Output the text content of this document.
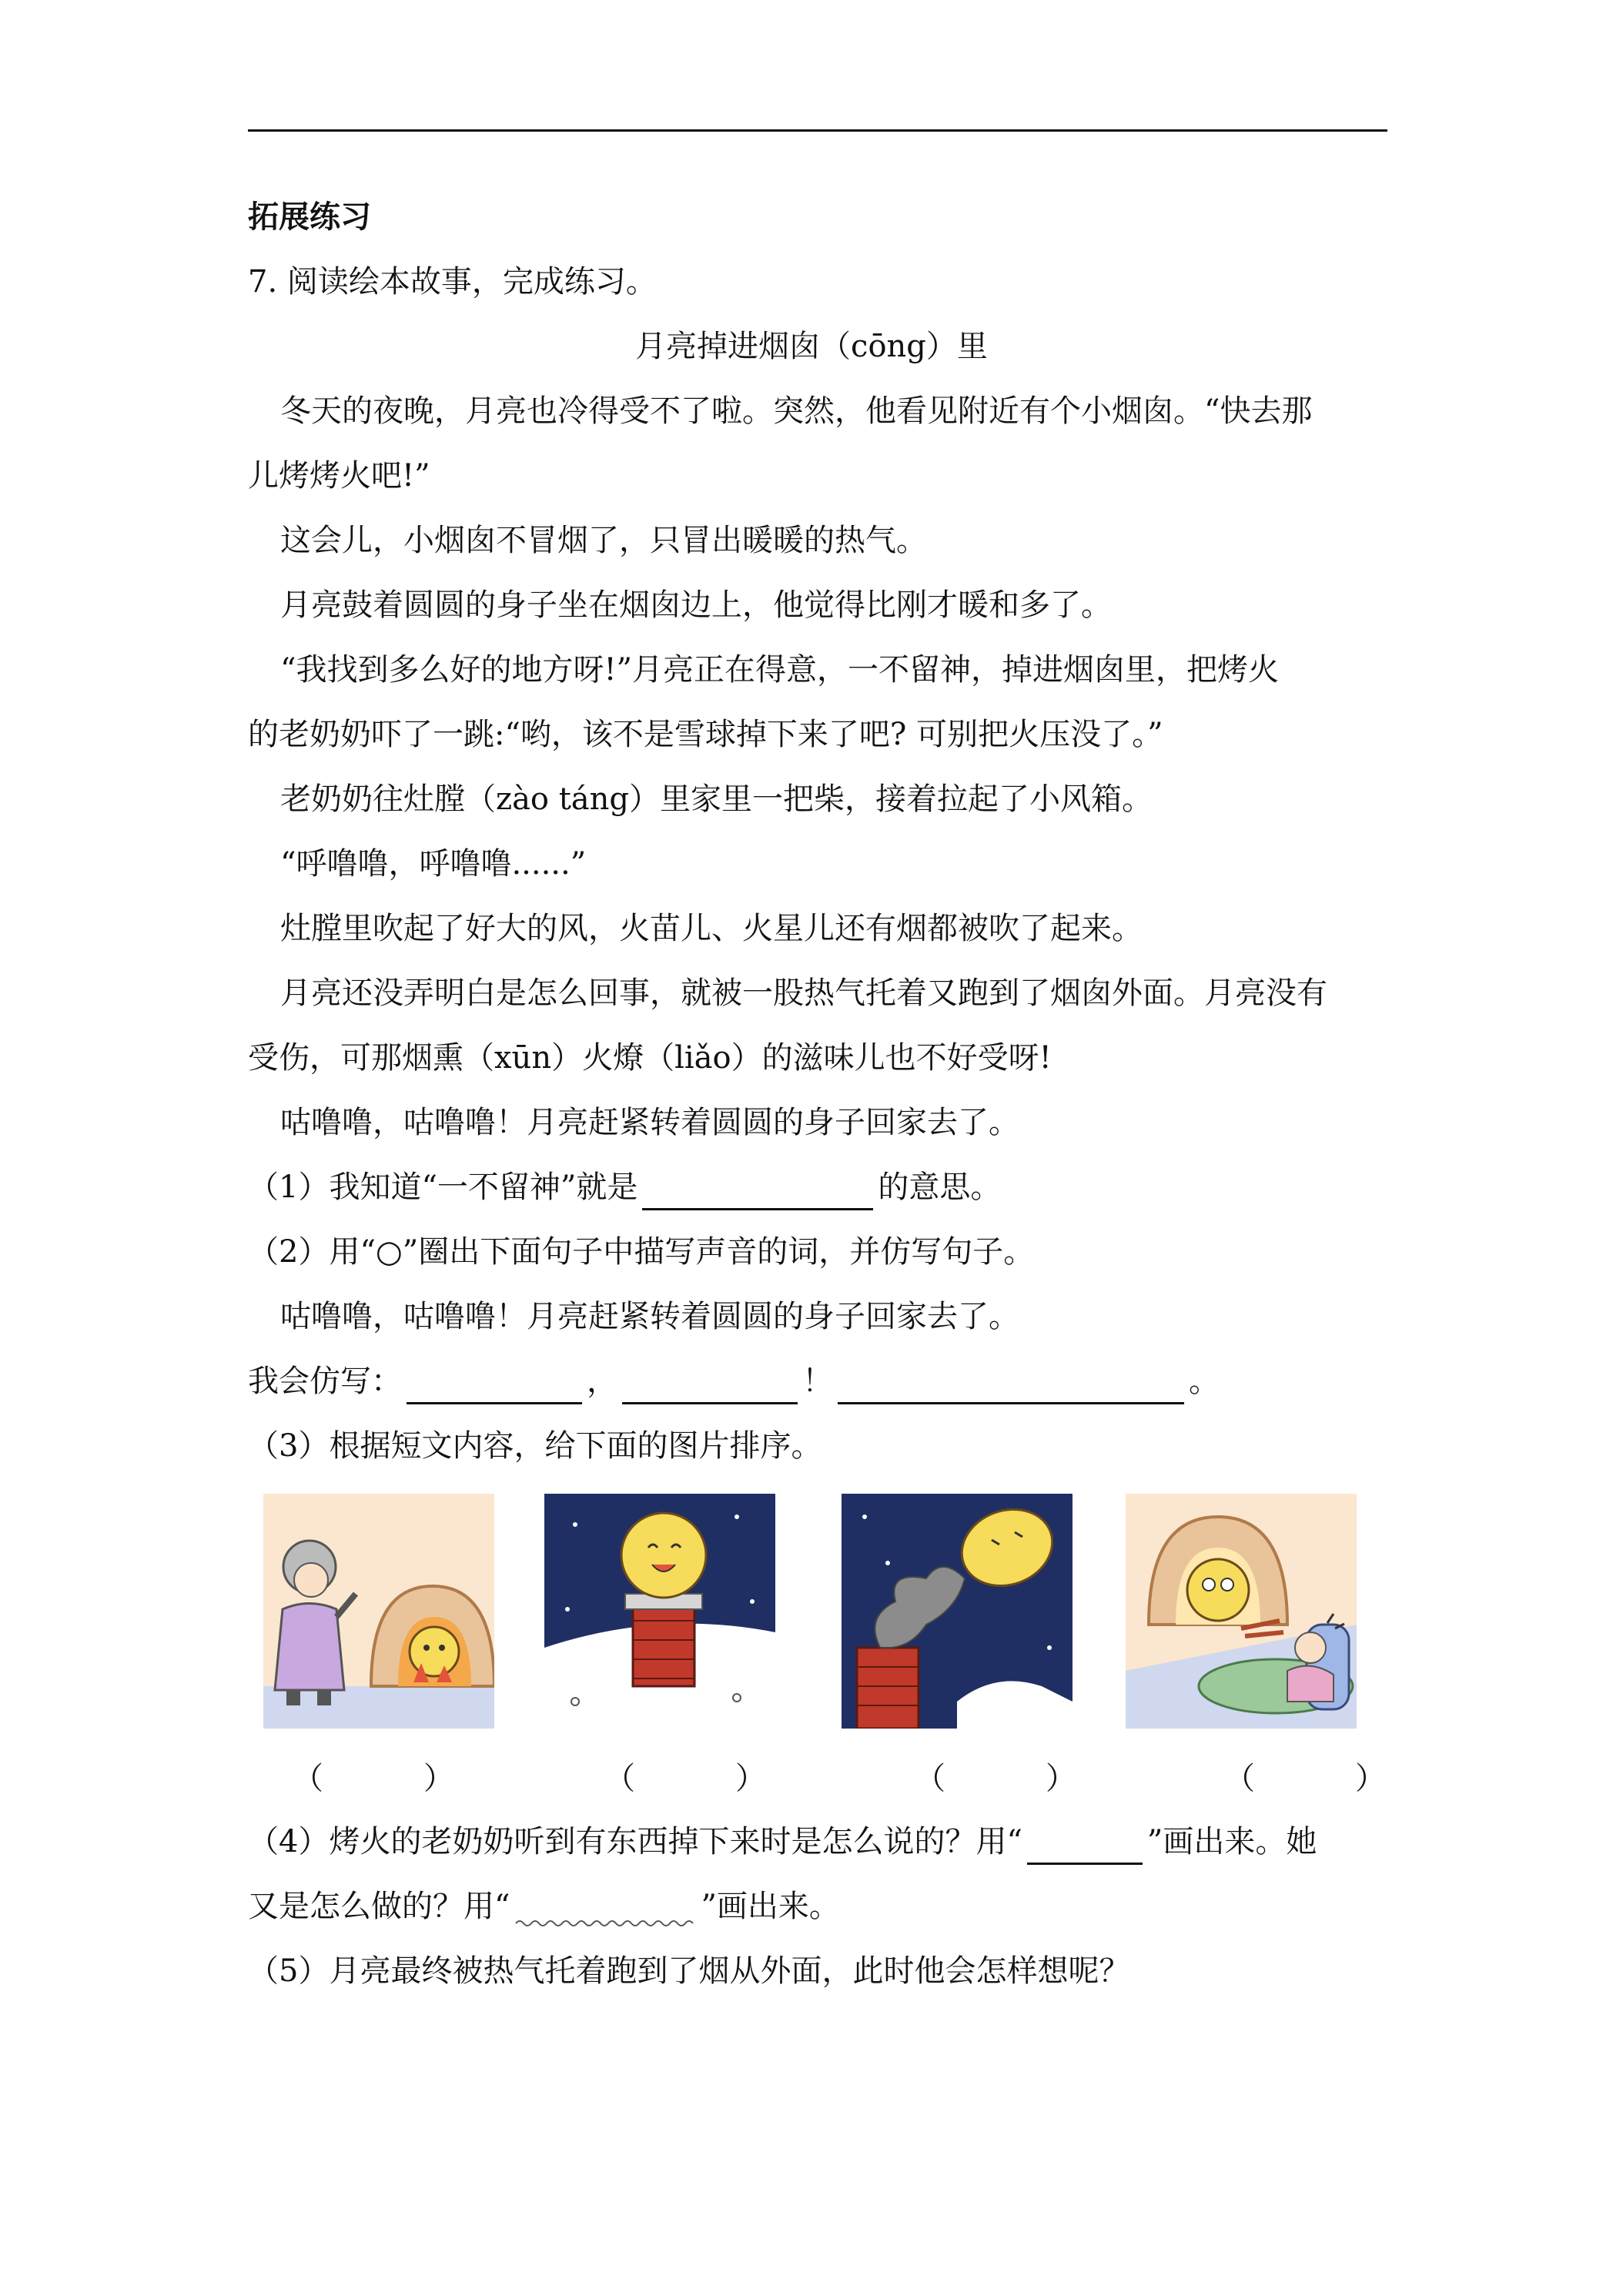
拓展练习
7. 阅读绘本故事，完成练习。
月亮掉进烟囱（cōng）里
冬天的夜晚，月亮也冷得受不了啦。突然，他看见附近有个小烟囱。“快去那
儿烤烤火吧!”
这会儿，小烟囱不冒烟了，只冒出暖暖的热气。
月亮鼓着圆圆的身子坐在烟囱边上，他觉得比刚才暖和多了。
“我找到多么好的地方呀!”月亮正在得意，一不留神，掉进烟囱里，把烤火
的老奶奶吓了一跳:“哟，该不是雪球掉下来了吧? 可别把火压没了。”
老奶奶往灶膛（zào táng）里家里一把柴，接着拉起了小风箱。
“呼噜噜，呼噜噜......”
灶膛里吹起了好大的风，火苗儿、火星儿还有烟都被吹了起来。
月亮还没弄明白是怎么回事，就被一股热气托着又跑到了烟囱外面。月亮没有
受伤，可那烟熏（xūn）火燎（liǎo）的滋味儿也不好受呀!
咕噜噜，咕噜噜！月亮赶紧转着圆圆的身子回家去了。
（1）我知道“一不留神”就是	的意思。
（2）用“○”圈出下面句子中描写声音的词，并仿写句子。
咕噜噜，咕噜噜！月亮赶紧转着圆圆的身子回家去了。
我会仿写：	，	！	。
（3）根据短文内容，给下面的图片排序。
（	）	（	）	（	）	（	）
（4）烤火的老奶奶听到有东西掉下来时是怎么说的？用“	”画出来。她
又是怎么做的？用“	”画出来。
（5）月亮最终被热气托着跑到了烟从外面，此时他会怎样想呢？
